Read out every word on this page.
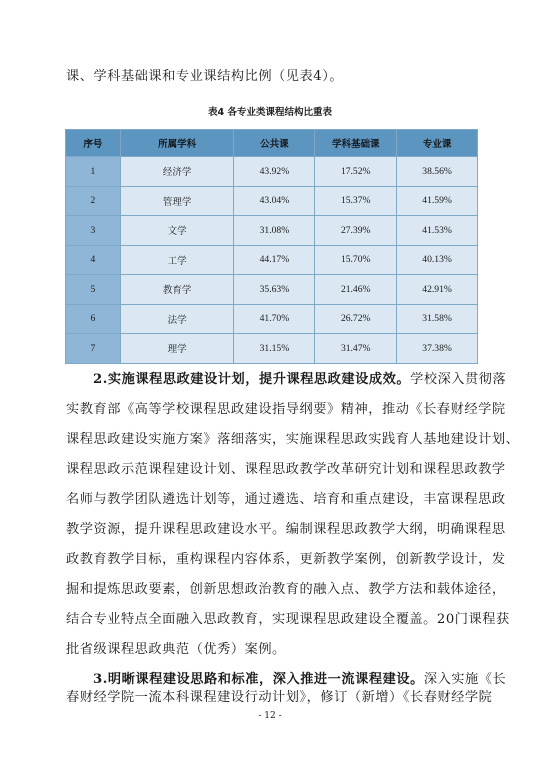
课、学科基础课和专业课结构比例（见表4）。
表4 各专业类课程结构比重表
序号	所属学科	公共课	学科基础课	专业课
1	经济学	43.92%	17.52%	38.56%
2	管理学	43.04%	15.37%	41.59%
3	文学	31.08%	27.39%	41.53%
4	工学	44.17%	15.70%	40.13%
5	教育学	35.63%	21.46%	42.91%
6	法学	41.70%	26.72%	31.58%
7	理学	31.15%	31.47%	37.38%
2.实施课程思政建设计划，提升课程思政建设成效。学校深入贯彻落
实教育部《高等学校课程思政建设指导纲要》精神，推动《长春财经学院
课程思政建设实施方案》落细落实，实施课程思政实践育人基地建设计划、
课程思政示范课程建设计划、课程思政教学改革研究计划和课程思政教学
名师与教学团队遴选计划等，通过遴选、培育和重点建设，丰富课程思政
教学资源，提升课程思政建设水平。编制课程思政教学大纲，明确课程思
政教育教学目标，重构课程内容体系，更新教学案例，创新教学设计，发
掘和提炼思政要素，创新思想政治教育的融入点、教学方法和载体途径，
结合专业特点全面融入思政教育，实现课程思政建设全覆盖。20门课程获
批省级课程思政典范（优秀）案例。
3.明晰课程建设思路和标准，深入推进一流课程建设。深入实施《长
春财经学院一流本科课程建设行动计划》，修订（新增）《长春财经学院
- 12 -
